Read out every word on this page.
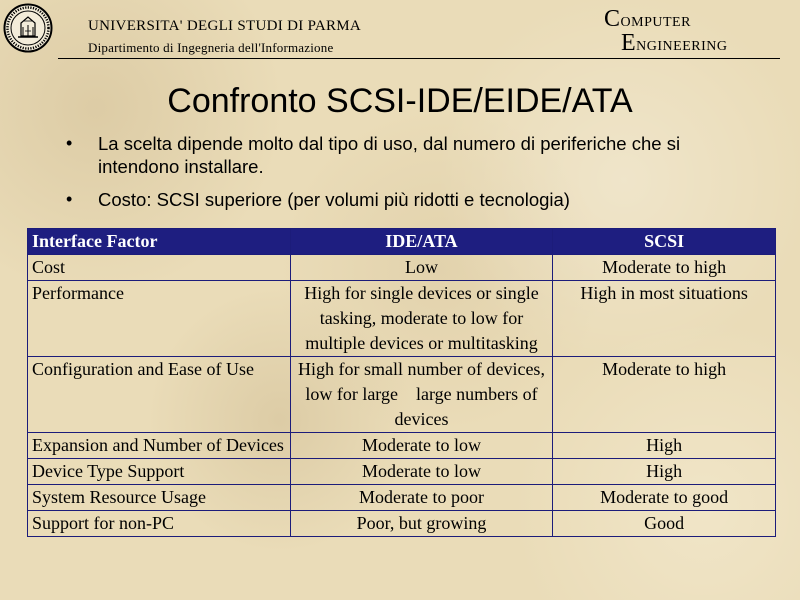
UNIVERSITA' DEGLI STUDI DI PARMA
Dipartimento di Ingegneria dell'Informazione
COMPUTER
ENGINEERING
Confronto SCSI-IDE/EIDE/ATA
• La scelta dipende molto dal tipo di uso, dal numero di periferiche che si intendono installare.
• Costo: SCSI superiore (per volumi più ridotti e tecnologia)
Interface Factor	IDE/ATA	SCSI
Cost	Low	Moderate to high
Performance	High for single devices or single tasking, moderate to low for multiple devices or multitasking	High in most situations
Configuration and Ease of Use	High for small number of devices, low for large    large numbers of devices	Moderate to high
Expansion and Number of Devices	Moderate to low	High
Device Type Support	Moderate to low	High
System Resource Usage	Moderate to poor	Moderate to good
Support for non-PC	Poor, but growing	Good
